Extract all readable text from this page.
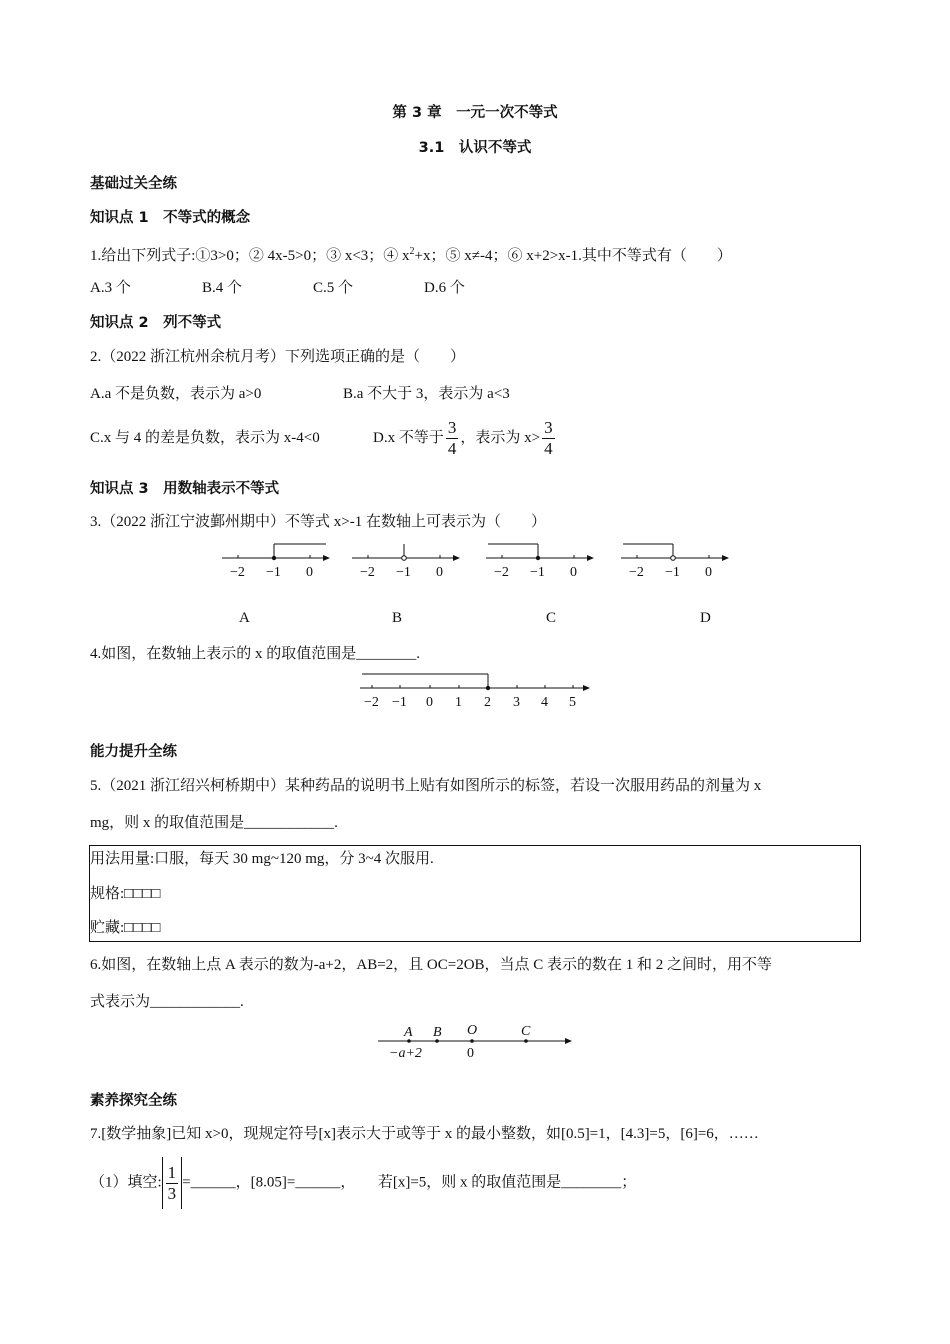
第 3 章　一元一次不等式
3.1　认识不等式
基础过关全练
知识点 1　不等式的概念
1.给出下列式子:①3>0；② 4x-5>0；③ x<3；④ $x^2+x$；⑤ x≠-4；⑥ x+2>x-1.其中不等式有（　　）
A.3 个	B.4 个	C.5 个	D.6 个
知识点 2　列不等式
2.（2022 浙江杭州余杭月考）下列选项正确的是（　　）
A.a 不是负数，表示为 a>0	B.a 不大于 3，表示为 a<3
C.x 与 4 的差是负数，表示为 x-4<0	D.x 不等于 $\frac{3}{4}$ ，表示为 $x> \frac{3}{4}$
知识点 3　用数轴表示不等式
3.（2022 浙江宁波鄞州期中）不等式 x>-1 在数轴上可表示为（　　）
−2 −1 0	−2 −1 0	−2 −1 0	−2 −1 0
A	B	C	D
4.如图，在数轴上表示的 x 的取值范围是________.
−2 −1 0 1 2 3 4 5
能力提升全练
5.（2021 浙江绍兴柯桥期中）某种药品的说明书上贴有如图所示的标签，若设一次服用药品的剂量为 x
mg，则 x 的取值范围是____________.
用法用量:口服，每天 30 mg~120 mg，分 3~4 次服用.
规格:□□□□
贮藏:□□□□
6.如图，在数轴上点 A 表示的数为-a+2，AB=2，且 OC=2OB，当点 C 表示的数在 1 和 2 之间时，用不等
式表示为____________.
A B O	C
−a+2	0
素养探究全练
7.[数学抽象]已知 x>0，现规定符号[x]表示大于或等于 x 的最小整数，如[0.5]=1，[4.3]=5，[6]=6，……
（1）填空: $\frac{1}{3}$ =______，[8.05]=______，　　若[x]=5，则 x 的取值范围是________；
